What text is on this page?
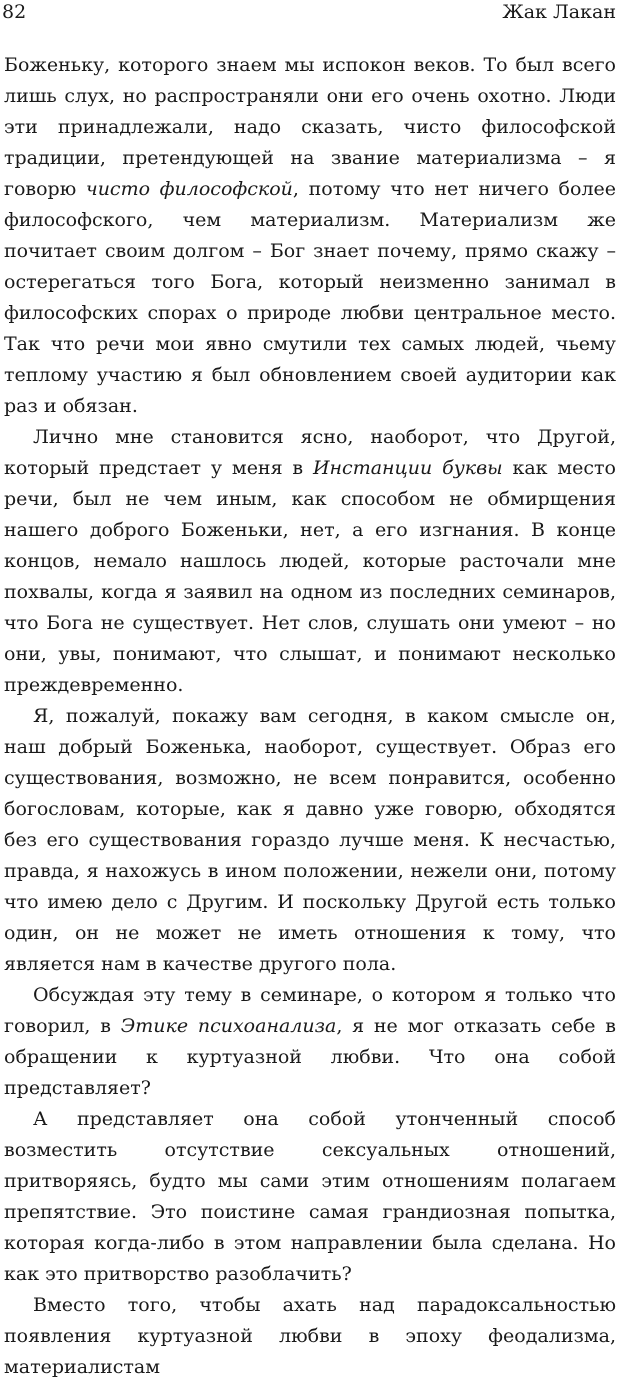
82	Жак Лакан

Боженьку, которого знаем мы испокон веков. То был всего лишь слух, но распространяли они его очень охотно. Люди эти принадлежали, надо сказать, чисто философской традиции, претендующей на звание материализма – я говорю чисто философской, потому что нет ничего более философского, чем материализм. Материализм же почитает своим долгом – Бог знает почему, прямо скажу – остерегаться того Бога, который неизменно занимал в философских спорах о природе любви центральное место. Так что речи мои явно смутили тех самых людей, чьему теплому участию я был обновлением своей аудитории как раз и обязан.

Лично мне становится ясно, наоборот, что Другой, который предстает у меня в Инстанции буквы как место речи, был не чем иным, как способом не обмирщения нашего доброго Боженьки, нет, а его изгнания. В конце концов, немало нашлось людей, которые расточали мне похвалы, когда я заявил на одном из последних семинаров, что Бога не существует. Нет слов, слушать они умеют – но они, увы, понимают, что слышат, и понимают несколько преждевременно.

Я, пожалуй, покажу вам сегодня, в каком смысле он, наш добрый Боженька, наоборот, существует. Образ его существования, возможно, не всем понравится, особенно богословам, которые, как я давно уже говорю, обходятся без его существования гораздо лучше меня. К несчастью, правда, я нахожусь в ином положении, нежели они, потому что имею дело с Другим. И поскольку Другой есть только один, он не может не иметь отношения к тому, что является нам в качестве другого пола.

Обсуждая эту тему в семинаре, о котором я только что говорил, в Этике психоанализа, я не мог отказать себе в обращении к куртуазной любви. Что она собой представляет?

А представляет она собой утонченный способ возместить отсутствие сексуальных отношений, притворяясь, будто мы сами этим отношениям полагаем препятствие. Это поистине самая грандиозная попытка, которая когда-либо в этом направлении была сделана. Но как это притворство разоблачить?

Вместо того, чтобы ахать над парадоксальностью появления куртуазной любви в эпоху феодализма, материалистам
